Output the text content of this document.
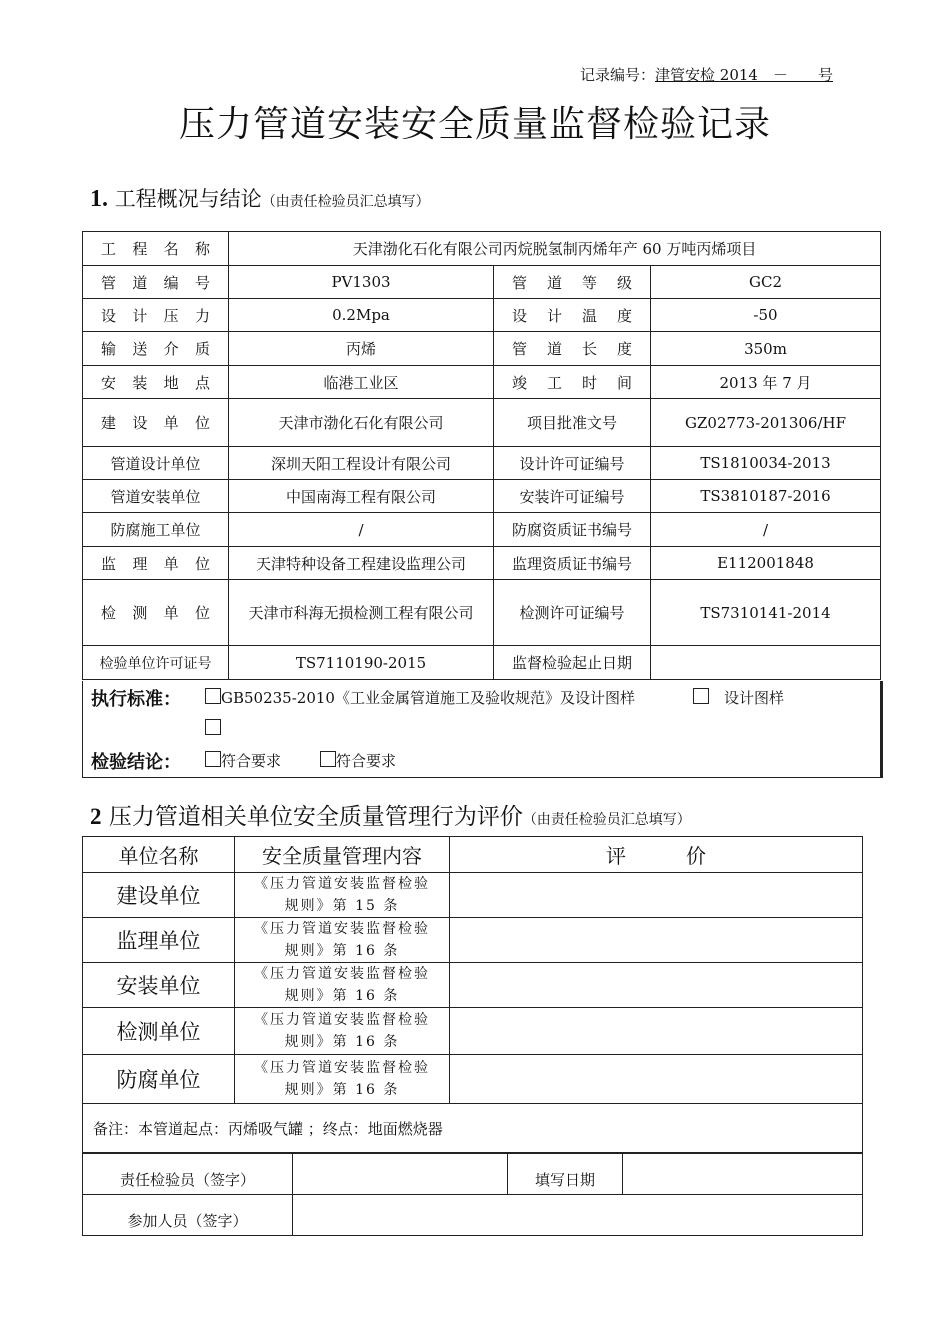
记录编号：津管安检 2014　－　　号
压力管道安装安全质量监督检验记录
1. 工程概况与结论（由责任检验员汇总填写）
工 程 名 称	天津渤化石化有限公司丙烷脱氢制丙烯年产 60 万吨丙烯项目		
管 道 编 号	PV1303	管 道 等 级	GC2
设 计 压 力	0.2Mpa	设 计 温 度	-50
输 送 介 质	丙烯	管 道 长 度	350m
安 装 地 点	临港工业区	竣 工 时 间	2013 年 7 月
建 设 单 位	天津市渤化石化有限公司	项目批准文号	GZ02773-201306/HF
管道设计单位	深圳天阳工程设计有限公司	设计许可证编号	TS1810034-2013
管道安装单位	中国南海工程有限公司	安装许可证编号	TS3810187-2016
防腐施工单位	/	防腐资质证书编号	/
监 理 单 位	天津特种设备工程建设监理公司	监理资质证书编号	E112001848
检 测 单 位	天津市科海无损检测工程有限公司	检测许可证编号	TS7310141-2014
检验单位许可证号	TS7110190-2015	监督检验起止日期	
执行标准：	GB50235-2010《工业金属管道施工及验收规范》及设计图样
　	设计图样
检验结论：	符合要求	符合要求
2 压力管道相关单位安全质量管理行为评价（由责任检验员汇总填写）
单位名称	安全质量管理内容	评　　　价
建设单位	《压力管道安装监督检验
规则》第 15 条	
监理单位	《压力管道安装监督检验
规则》第 16 条	
安装单位	《压力管道安装监督检验
规则》第 16 条	
检测单位	《压力管道安装监督检验
规则》第 16 条	
防腐单位	《压力管道安装监督检验
规则》第 16 条	
备注：本管道起点：丙烯吸气罐 ；终点：地面燃烧器		
责任检验员（签字）		填写日期	
参加人员（签字）			
